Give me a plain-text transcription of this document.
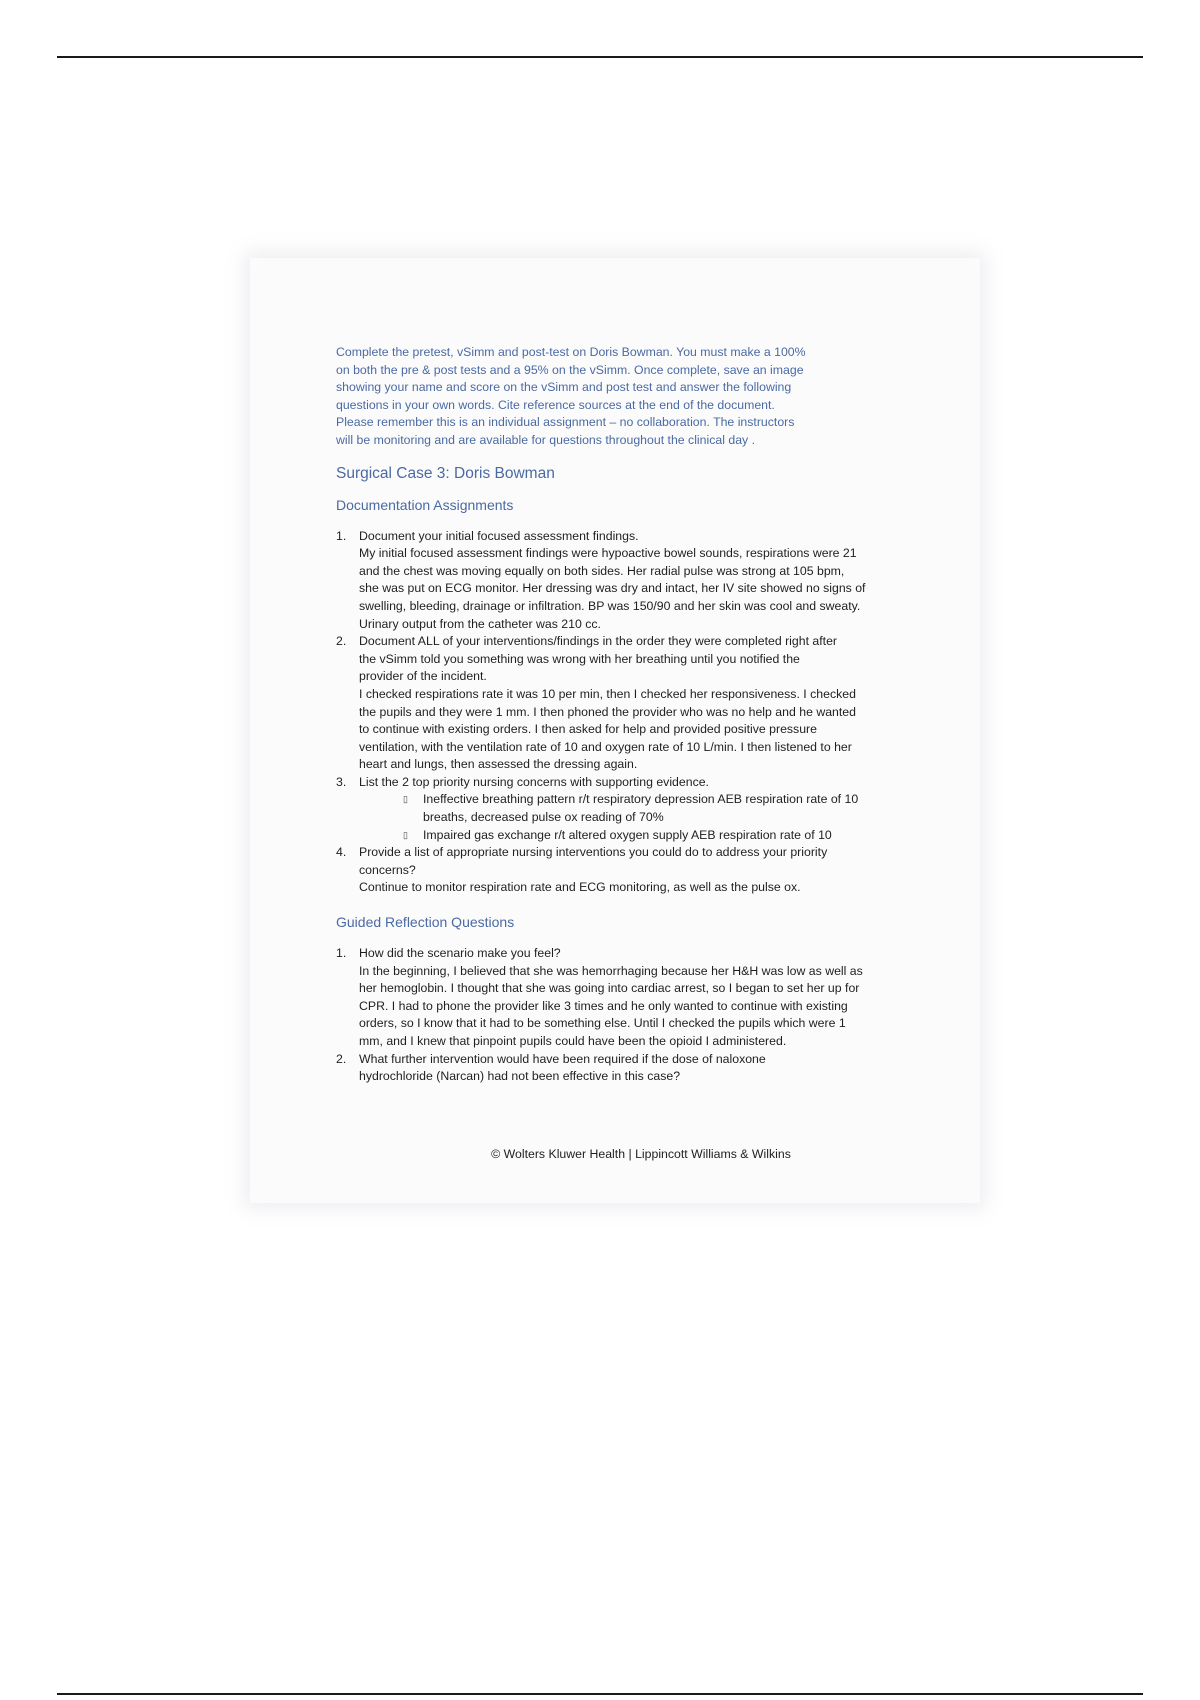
Complete the pretest, vSimm and post-test on Doris Bowman. You must make a 100%

on both the pre & post tests and a 95% on the vSimm. Once complete, save an image

showing your name and score on the vSimm and post test and answer the following

questions in your own words. Cite reference sources at the end of the document.

Please remember this is an individual assignment – no collaboration. The instructors

will be monitoring and are available for questions throughout the clinical day .

Surgical Case 3: Doris Bowman
Documentation Assignments
1. Document your initial focused assessment findings.

My initial focused assessment findings were hypoactive bowel sounds, respirations were 21

and the chest was moving equally on both sides. Her radial pulse was strong at 105 bpm,

she was put on ECG monitor. Her dressing was dry and intact, her IV site showed no signs of

swelling, bleeding, drainage or infiltration. BP was 150/90 and her skin was cool and sweaty.

Urinary output from the catheter was 210 cc.

2. Document ALL of your interventions/findings in the order they were completed right after

the vSimm told you something was wrong with her breathing until you notified the

provider of the incident.

I checked respirations rate it was 10 per min, then I checked her responsiveness. I checked

the pupils and they were 1 mm. I then phoned the provider who was no help and he wanted

to continue with existing orders. I then asked for help and provided positive pressure

ventilation, with the ventilation rate of 10 and oxygen rate of 10 L/min. I then listened to her

heart and lungs, then assessed the dressing again.

3. List the 2 top priority nursing concerns with supporting evidence.

▯ Ineffective breathing pattern r/t respiratory depression AEB respiration rate of 10

breaths, decreased pulse ox reading of 70%

▯ Impaired gas exchange r/t altered oxygen supply AEB respiration rate of 10

4. Provide a list of appropriate nursing interventions you could do to address your priority

concerns?

Continue to monitor respiration rate and ECG monitoring, as well as the pulse ox.

Guided Reflection Questions
1. How did the scenario make you feel?

In the beginning, I believed that she was hemorrhaging because her H&H was low as well as

her hemoglobin. I thought that she was going into cardiac arrest, so I began to set her up for

CPR. I had to phone the provider like 3 times and he only wanted to continue with existing

orders, so I know that it had to be something else. Until I checked the pupils which were 1

mm, and I knew that pinpoint pupils could have been the opioid I administered.

2. What further intervention would have been required if the dose of naloxone

hydrochloride (Narcan) had not been effective in this case?

© Wolters Kluwer Health | Lippincott Williams & Wilkins
